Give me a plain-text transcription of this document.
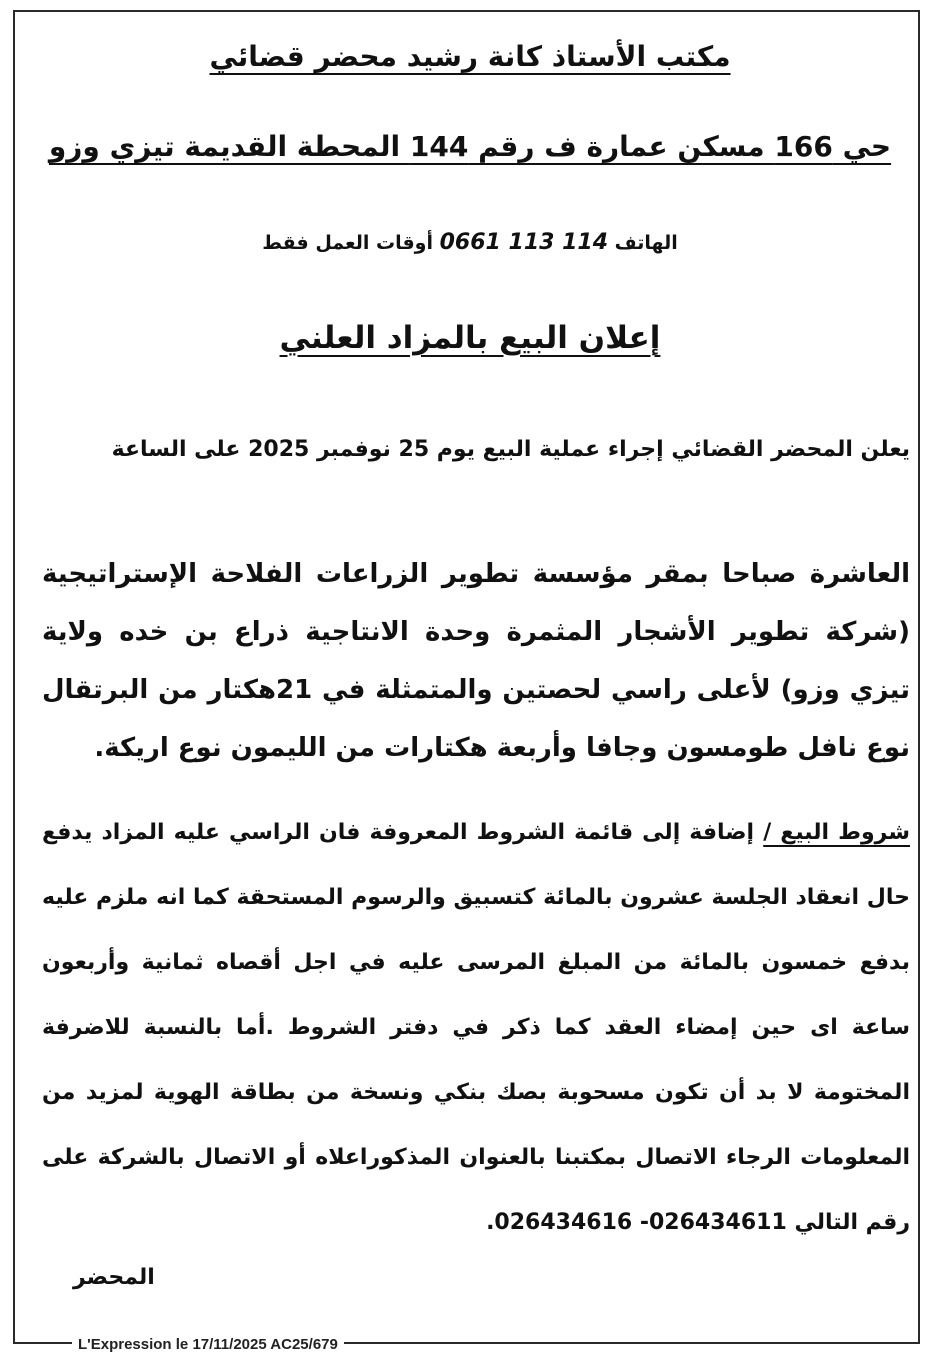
مكتب الأستاذ كانة رشيد محضر قضائي
حي 166 مسكن عمارة ف رقم 144 المحطة القديمة تيزي وزو
الهاتف 0661 113 114 أوقات العمل فقط
إعلان البيع بالمزاد العلني
يعلن المحضر القضائي إجراء عملية البيع يوم 25 نوفمبر 2025 على الساعة
العاشرة صباحا بمقر مؤسسة تطوير الزراعات الفلاحة الإستراتيجية (شركة تطوير الأشجار المثمرة وحدة الانتاجية ذراع بن خده ولاية تيزي وزو) لأعلى راسي لحصتين والمتمثلة في 21هكتار من البرتقال نوع نافل طومسون وجافا وأربعة هكتارات من الليمون نوع اريكة.
شروط البيع / إضافة إلى قائمة الشروط المعروفة فان الراسي عليه المزاد يدفع حال انعقاد الجلسة عشرون بالمائة كتسبيق والرسوم المستحقة كما انه ملزم عليه بدفع خمسون بالمائة من المبلغ المرسى عليه في اجل أقصاه ثمانية وأربعون ساعة اى حين إمضاء العقد كما ذكر في دفتر الشروط .أما بالنسبة للاضرفة المختومة لا بد أن تكون مسحوبة بصك بنكي ونسخة من بطاقة الهوية لمزيد من المعلومات الرجاء الاتصال بمكتبنا بالعنوان المذكوراعلاه أو الاتصال بالشركة على رقم التالي 026434611- 026434616.
المحضر
L'Expression le 17/11/2025 AC25/679
